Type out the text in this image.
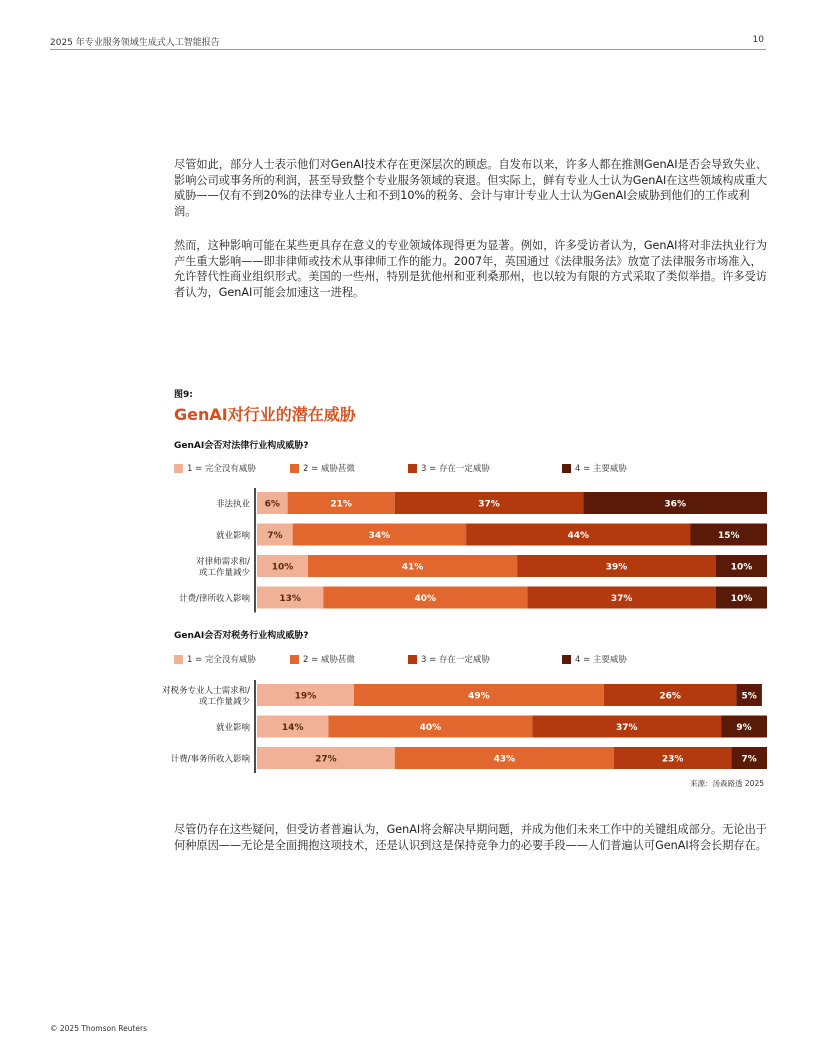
2025 年专业服务领域生成式人工智能报告	10

尽管如此，部分人士表示他们对GenAI技术存在更深层次的顾虑。自发布以来，许多人都在推测GenAI是否会导致失业、影响公司或事务所的利润，甚至导致整个专业服务领域的衰退。但实际上，鲜有专业人士认为GenAI在这些领域构成重大威胁——仅有不到20%的法律专业人士和不到10%的税务、会计与审计专业人士认为GenAI会威胁到他们的工作或利润。

然而，这种影响可能在某些更具存在意义的专业领域体现得更为显著。例如，许多受访者认为，GenAI将对非法执业行为产生重大影响——即非律师或技术从事律师工作的能力。2007年，英国通过《法律服务法》放宽了法律服务市场准入，允许替代性商业组织形式。美国的一些州，特别是犹他州和亚利桑那州，也以较为有限的方式采取了类似举措。许多受访者认为，GenAI可能会加速这一进程。

图9:
GenAI对行业的潜在威胁
GenAI会否对法律行业构成威胁?
1 = 完全没有威胁	2 = 威胁甚微	3 = 存在一定威胁	4 = 主要威胁
非法执业 6%	21%	37%	36%
就业影响 7%	34%	44%	15%
对律师需求和/
或工作量减少
10%	41%	39%	10%
计费/律所收入影响	13%	40%	37%	10%
GenAI会否对税务行业构成威胁?
1 = 完全没有威胁	2 = 威胁甚微	3 = 存在一定威胁	4 = 主要威胁
对税务专业人士需求和/
或工作量减少
19%	49%	26%	5%
就业影响	14%	40%	37%	9%
计费/事务所收入影响	27%	43%	23%	7%
来源：汤森路透 2025

尽管仍存在这些疑问，但受访者普遍认为，GenAI将会解决早期问题，并成为他们未来工作中的关键组成部分。无论出于何种原因——无论是全面拥抱这项技术，还是认识到这是保持竞争力的必要手段——人们普遍认可GenAI将会长期存在。

© 2025 Thomson Reuters
